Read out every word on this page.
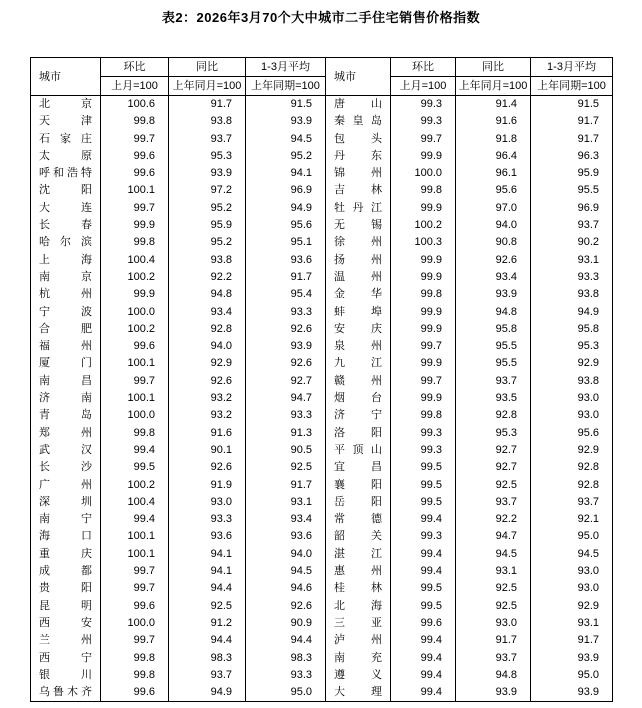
表2：2026年3月70个大中城市二手住宅销售价格指数
城市	环比	同比	1-3月平均	城市	环比	同比	1-3月平均
	上月=100	上年同月=100	上年同期=100		上月=100	上年同月=100	上年同期=100
北京	100.6	91.7	91.5	唐山	99.3	91.4	91.5
天津	99.8	93.8	93.9	秦皇岛	99.3	91.6	91.7
石家庄	99.7	93.7	94.5	包头	99.7	91.8	91.7
太原	99.6	95.3	95.2	丹东	99.9	96.4	96.3
呼和浩特	99.6	93.9	94.1	锦州	100.0	96.1	95.9
沈阳	100.1	97.2	96.9	吉林	99.8	95.6	95.5
大连	99.7	95.2	94.9	牡丹江	99.9	97.0	96.9
长春	99.9	95.9	95.6	无锡	100.2	94.0	93.7
哈尔滨	99.8	95.2	95.1	徐州	100.3	90.8	90.2
上海	100.4	93.8	93.6	扬州	99.9	92.6	93.1
南京	100.2	92.2	91.7	温州	99.9	93.4	93.3
杭州	99.9	94.8	95.4	金华	99.8	93.9	93.8
宁波	100.0	93.4	93.3	蚌埠	99.9	94.8	94.9
合肥	100.2	92.8	92.6	安庆	99.9	95.8	95.8
福州	99.6	94.0	93.9	泉州	99.7	95.5	95.3
厦门	100.1	92.9	92.6	九江	99.9	95.5	92.9
南昌	99.7	92.6	92.7	赣州	99.7	93.7	93.8
济南	100.1	93.2	94.7	烟台	99.9	93.5	93.0
青岛	100.0	93.2	93.3	济宁	99.8	92.8	93.0
郑州	99.8	91.6	91.3	洛阳	99.3	95.3	95.6
武汉	99.4	90.1	90.5	平顶山	99.3	92.7	92.9
长沙	99.5	92.6	92.5	宜昌	99.5	92.7	92.8
广州	100.2	91.9	91.7	襄阳	99.5	92.5	92.8
深圳	100.4	93.0	93.1	岳阳	99.5	93.7	93.7
南宁	99.4	93.3	93.4	常德	99.4	92.2	92.1
海口	100.1	93.6	93.6	韶关	99.3	94.7	95.0
重庆	100.1	94.1	94.0	湛江	99.4	94.5	94.5
成都	99.7	94.1	94.5	惠州	99.4	93.1	93.0
贵阳	99.7	94.4	94.6	桂林	99.5	92.5	93.0
昆明	99.6	92.5	92.6	北海	99.5	92.5	92.9
西安	100.0	91.2	90.9	三亚	99.6	93.0	93.1
兰州	99.7	94.4	94.4	泸州	99.4	91.7	91.7
西宁	99.8	98.3	98.3	南充	99.4	93.7	93.9
银川	99.8	93.7	93.3	遵义	99.4	94.8	95.0
乌鲁木齐	99.6	94.9	95.0	大理	99.4	93.9	93.9
